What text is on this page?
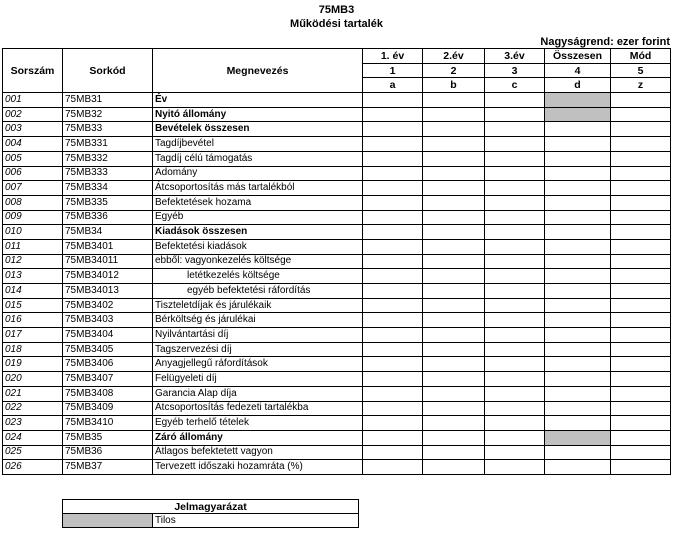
75MB3
Működési tartalék
Nagyságrend: ezer forint
Sorszám	Sorkód	Megnevezés	1. év	2.év	3.év	Összesen	Mód
			1	2	3	4	5
			a	b	c	d	z
001	75MB31	Év					
002	75MB32	Nyitó állomány					
003	75MB33	Bevételek összesen					
004	75MB331	Tagdíjbevétel					
005	75MB332	Tagdíj célú támogatás					
006	75MB333	Adomány					
007	75MB334	Átcsoportosítás más tartalékból					
008	75MB335	Befektetések hozama					
009	75MB336	Egyéb					
010	75MB34	Kiadások összesen					
011	75MB3401	Befektetési kiadások					
012	75MB34011	ebből: vagyonkezelés költsége					
013	75MB34012	letétkezelés költsége					
014	75MB34013	egyéb befektetési ráfordítás					
015	75MB3402	Tiszteletdíjak és járulékaik					
016	75MB3403	Bérköltség és járulékai					
017	75MB3404	Nyilvántartási díj					
018	75MB3405	Tagszervezési díj					
019	75MB3406	Anyagjellegű ráfordítások					
020	75MB3407	Felügyeleti díj					
021	75MB3408	Garancia Alap díja					
022	75MB3409	Átcsoportosítás fedezeti tartalékba					
023	75MB3410	Egyéb terhelő tételek					
024	75MB35	Záró állomány					
025	75MB36	Átlagos befektetett vagyon					
026	75MB37	Tervezett időszaki hozamráta (%)					
Jelmagyarázat
	Tilos
